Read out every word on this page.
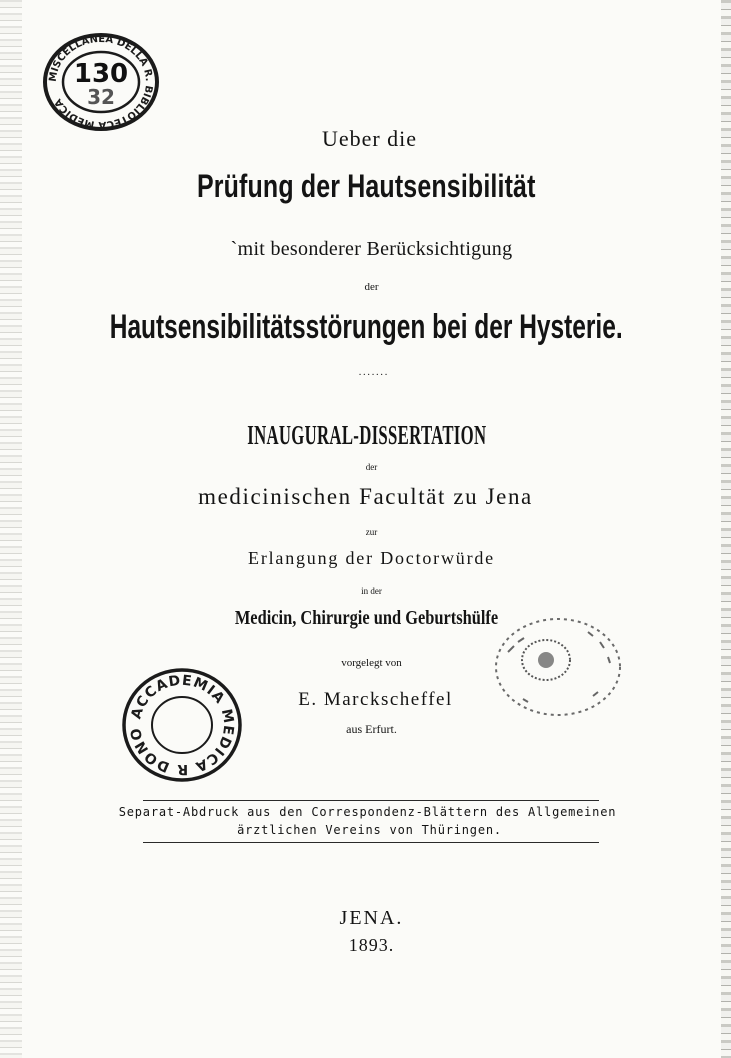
MISCELLANEA DELLA R. BIBLIOTECA MEDICA
130
32
Ueber die
Prüfung der Hautsensibilität
`mit besonderer Berücksichtigung
der
Hautsensibilitätsstörungen bei der Hysterie.
·······
INAUGURAL-DISSERTATION
der
medicinischen Facultät zu Jena
zur
Erlangung der Doctorwürde
in der
Medicin, Chirurgie und Geburtshülfe
vorgelegt von
E. Marckscheffel
aus Erfurt.
ACCADEMIA MEDICA R DONO
Separat-Abdruck aus den Correspondenz-Blättern des Allgemeinen
ärztlichen Vereins von Thüringen.
JENA.
1893.
